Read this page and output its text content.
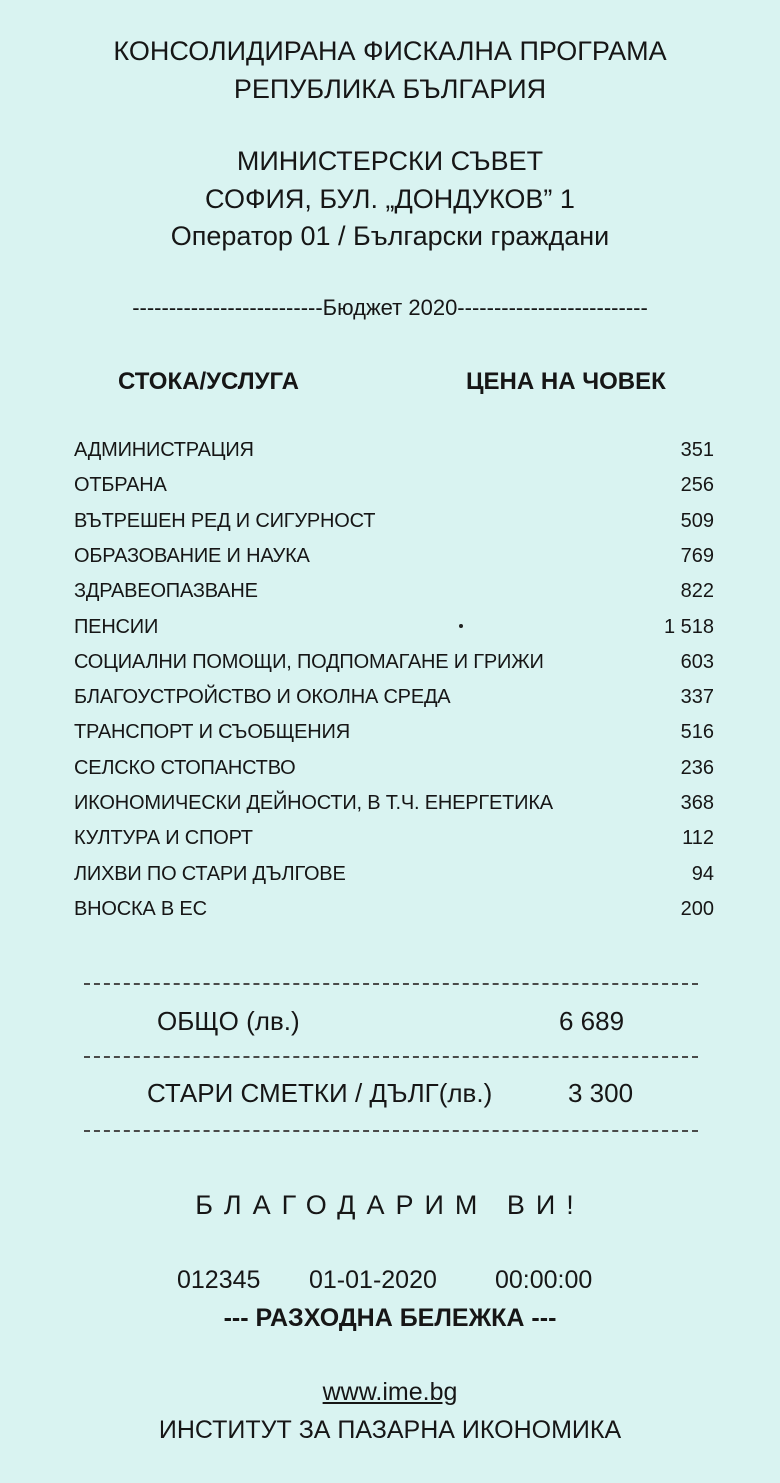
КОНСОЛИДИРАНА ФИСКАЛНА ПРОГРАМА
РЕПУБЛИКА БЪЛГАРИЯ
МИНИСТЕРСКИ СЪВЕТ
СОФИЯ, БУЛ. „ДОНДУКОВ” 1
Оператор 01 / Български граждани
--------------------------Бюджет 2020--------------------------
СТОКА/УСЛУГА	ЦЕНА НА ЧОВЕК
АДМИНИСТРАЦИЯ	351
ОТБРАНА	256
ВЪТРЕШЕН РЕД И СИГУРНОСТ	509
ОБРАЗОВАНИЕ И НАУКА	769
ЗДРАВЕОПАЗВАНЕ	822
ПЕНСИИ	1 518
СОЦИАЛНИ ПОМОЩИ, ПОДПОМАГАНЕ И ГРИЖИ	603
БЛАГОУСТРОЙСТВО И ОКОЛНА СРЕДА	337
ТРАНСПОРТ И СЪОБЩЕНИЯ	516
СЕЛСКО СТОПАНСТВО	236
ИКОНОМИЧЕСКИ ДЕЙНОСТИ, В Т.Ч. ЕНЕРГЕТИКА	368
КУЛТУРА И СПОРТ	112
ЛИХВИ ПО СТАРИ ДЪЛГОВЕ	94
ВНОСКА В ЕС	200
ОБЩО (лв.)	6 689
СТАРИ СМЕТКИ / ДЪЛГ(лв.)	3 300
БЛАГОДАРИМ ВИ!
012345 01-01-2020 00:00:00
--- РАЗХОДНА БЕЛЕЖКА ---
www.ime.bg
ИНСТИТУТ ЗА ПАЗАРНА ИКОНОМИКА
